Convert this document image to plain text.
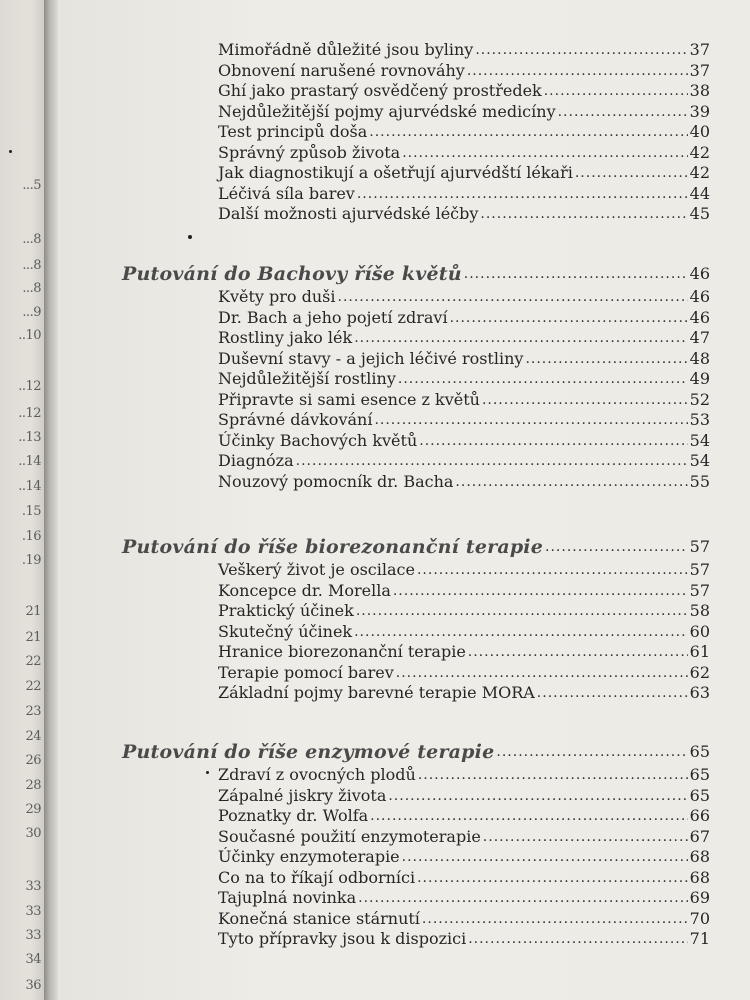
...5
...8
...8
...8
...9
..10
..12
..12
..13
..14
..14
.15
.16
.19
21
21
22
22
23
24
26
28
29
30
33
33
33
34
36
Mimořádně důležité jsou byliny .....	37
Obnovení narušené rovnováhy .....	37
Ghí jako prastarý osvědčený prostředek .....	38
Nejdůležitější pojmy ajurvédské medicíny .....	39
Test principů doša .....	40
Správný způsob života .....	42
Jak diagnostikují a ošetřují ajurvédští lékaři .....	42
Léčivá síla barev .....	44
Další možnosti ajurvédské léčby .....	45
Putování do Bachovy říše květů .....	46
Květy pro duši .....	46
Dr. Bach a jeho pojetí zdraví .....	46
Rostliny jako lék .....	47
Duševní stavy - a jejich léčivé rostliny .....	48
Nejdůležitější rostliny .....	49
Připravte si sami esence z květů .....	52
Správné dávkování .....	53
Účinky Bachových květů .....	54
Diagnóza .....	54
Nouzový pomocník dr. Bacha .....	55
Putování do říše biorezonanční terapie .....	57
Veškerý život je oscilace .....	57
Koncepce dr. Morella .....	57
Praktický účinek .....	58
Skutečný účinek .....	60
Hranice biorezonanční terapie .....	61
Terapie pomocí barev .....	62
Základní pojmy barevné terapie MORA .....	63
Putování do říše enzymové terapie .....	65
Zdraví z ovocných plodů .....	65
Zápalné jiskry života .....	65
Poznatky dr. Wolfa .....	66
Současné použití enzymoterapie .....	67
Účinky enzymoterapie .....	68
Co na to říkají odborníci .....	68
Tajuplná novinka .....	69
Konečná stanice stárnutí .....	70
Tyto přípravky jsou k dispozici .....	71
